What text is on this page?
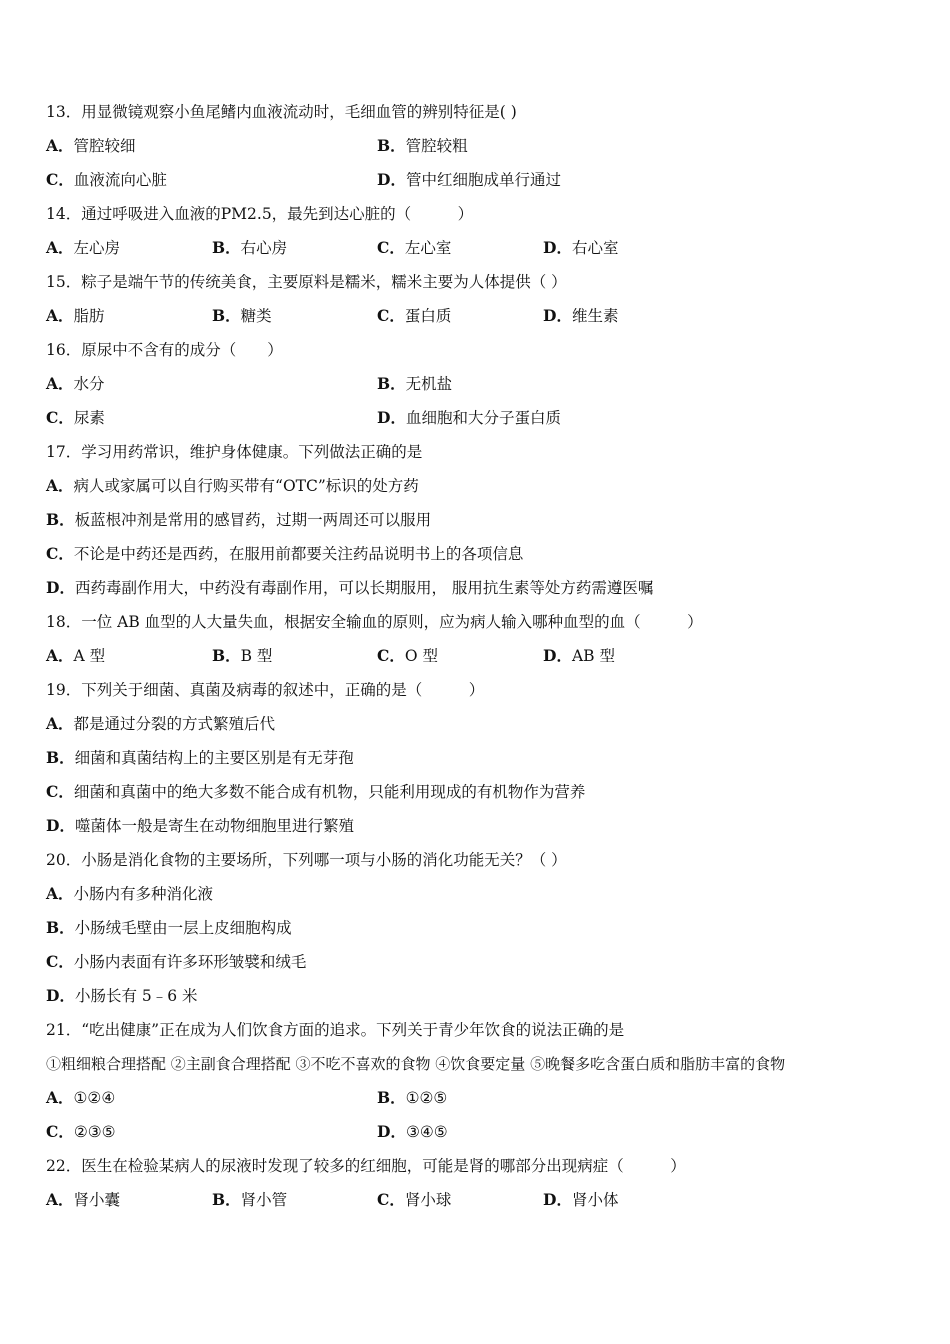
13．用显微镜观察小鱼尾鳍内血液流动时，毛细血管的辨别特征是( )
A．管腔较细	B．管腔较粗
C．血液流向心脏	D．管中红细胞成单行通过
14．通过呼吸进入血液的PM2.5，最先到达心脏的（　　　）
A．左心房	B．右心房	C．左心室	D．右心室
15．粽子是端午节的传统美食，主要原料是糯米，糯米主要为人体提供（ ）
A．脂肪	B．糖类	C．蛋白质	D．维生素
16．原尿中不含有的成分（　　）
A．水分	B．无机盐
C．尿素	D．血细胞和大分子蛋白质
17．学习用药常识，维护身体健康。下列做法正确的是
A．病人或家属可以自行购买带有“OTC”标识的处方药
B．板蓝根冲剂是常用的感冒药，过期一两周还可以服用
C．不论是中药还是西药，在服用前都要关注药品说明书上的各项信息
D．西药毒副作用大，中药没有毒副作用，可以长期服用， 服用抗生素等处方药需遵医嘱
18．一位 AB 血型的人大量失血，根据安全输血的原则，应为病人输入哪种血型的血（　　　）
A．A 型	B．B 型	C．O 型	D．AB 型
19．下列关于细菌、真菌及病毒的叙述中，正确的是（　　　）
A．都是通过分裂的方式繁殖后代
B．细菌和真菌结构上的主要区别是有无芽孢
C．细菌和真菌中的绝大多数不能合成有机物，只能利用现成的有机物作为营养
D．噬菌体一般是寄生在动物细胞里进行繁殖
20．小肠是消化食物的主要场所，下列哪一项与小肠的消化功能无关？（ ）
A．小肠内有多种消化液
B．小肠绒毛壁由一层上皮细胞构成
C．小肠内表面有许多环形皱襞和绒毛
D．小肠长有 5﹣6 米
21．“吃出健康”正在成为人们饮食方面的追求。下列关于青少年饮食的说法正确的是
①粗细粮合理搭配 ②主副食合理搭配 ③不吃不喜欢的食物 ④饮食要定量 ⑤晚餐多吃含蛋白质和脂肪丰富的食物
A．①②④	B．①②⑤
C．②③⑤	D．③④⑤
22．医生在检验某病人的尿液时发现了较多的红细胞，可能是肾的哪部分出现病症（　　　）
A．肾小囊	B．肾小管	C．肾小球	D．肾小体
